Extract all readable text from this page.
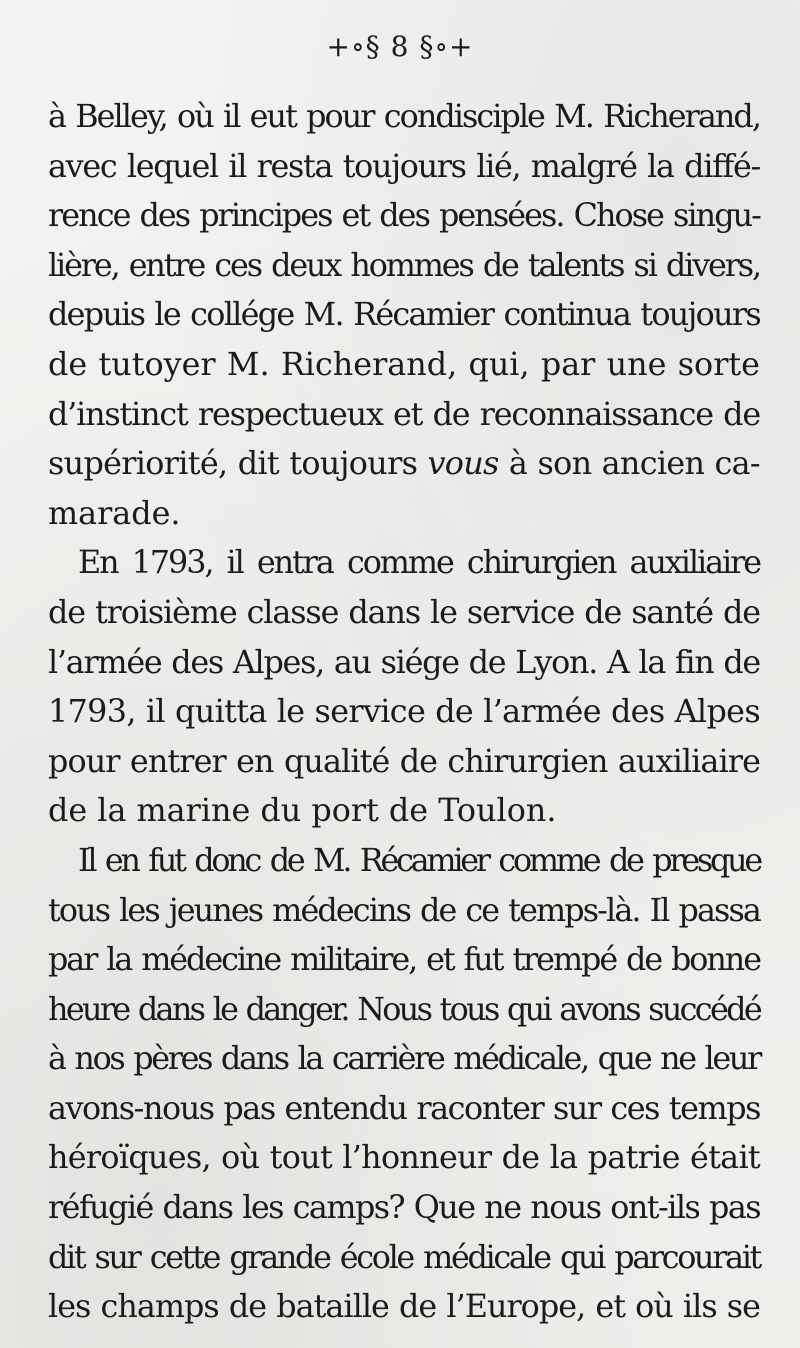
+∘§ 8 §∘+

à Belley, où il eut pour condisciple M. Richerand,
avec lequel il resta toujours lié, malgré la diffé-
rence des principes et des pensées. Chose singu-
lière, entre ces deux hommes de talents si divers,
depuis le collége M. Récamier continua toujours
de tutoyer M. Richerand, qui, par une sorte
d’instinct respectueux et de reconnaissance de
supériorité, dit toujours vous à son ancien ca-
marade.

En 1793, il entra comme chirurgien auxiliaire
de troisième classe dans le service de santé de
l’armée des Alpes, au siége de Lyon. A la fin de
1793, il quitta le service de l’armée des Alpes
pour entrer en qualité de chirurgien auxiliaire
de la marine du port de Toulon.

Il en fut donc de M. Récamier comme de presque
tous les jeunes médecins de ce temps-là. Il passa
par la médecine militaire, et fut trempé de bonne
heure dans le danger. Nous tous qui avons succédé
à nos pères dans la carrière médicale, que ne leur
avons-nous pas entendu raconter sur ces temps
héroïques, où tout l’honneur de la patrie était
réfugié dans les camps? Que ne nous ont-ils pas
dit sur cette grande école médicale qui parcourait
les champs de bataille de l’Europe, et où ils se
